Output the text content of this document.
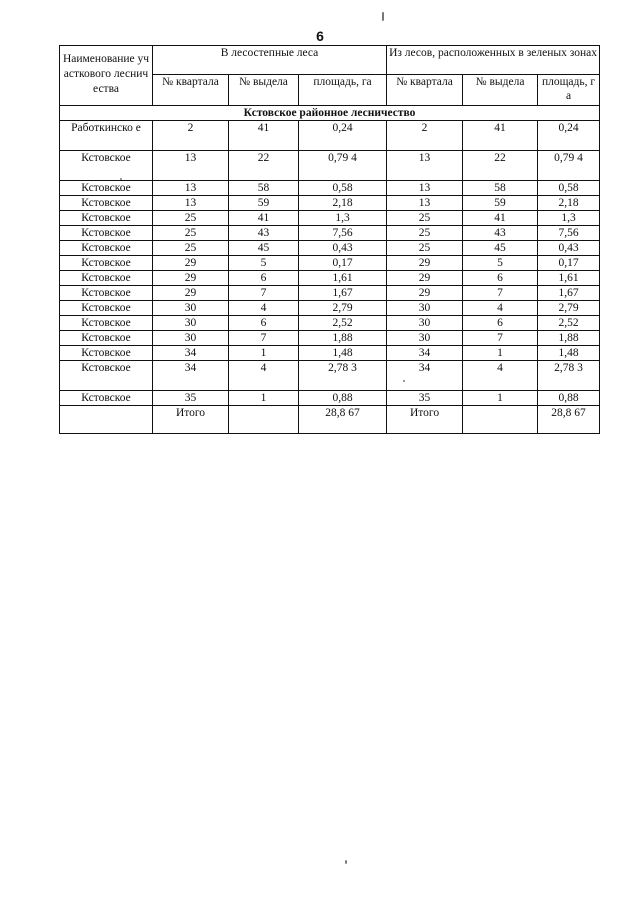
6
Наименование участкового лесничества	В лесостепные леса			Из лесов, расположенных в зеленых зонах		
	№ квартала	№ выдела	площадь, га	№ квартала	№ выдела	площадь, га
Кстовское районное лесничество						
Работкинско е	2	41	0,24	2	41	0,24
Кстовское	13	22	0,79 4	13	22	0,79 4
Кстовское	13	58	0,58	13	58	0,58
Кстовское	13	59	2,18	13	59	2,18
Кстовское	25	41	1,3	25	41	1,3
Кстовское	25	43	7,56	25	43	7,56
Кстовское	25	45	0,43	25	45	0,43
Кстовское	29	5	0,17	29	5	0,17
Кстовское	29	6	1,61	29	6	1,61
Кстовское	29	7	1,67	29	7	1,67
Кстовское	30	4	2,79	30	4	2,79
Кстовское	30	6	2,52	30	6	2,52
Кстовское	30	7	1,88	30	7	1,88
Кстовское	34	1	1,48	34	1	1,48
Кстовское	34	4	2,78 3	34	4	2,78 3
Кстовское	35	1	0,88	35	1	0,88
	Итого		28,8 67	Итого		28,8 67
